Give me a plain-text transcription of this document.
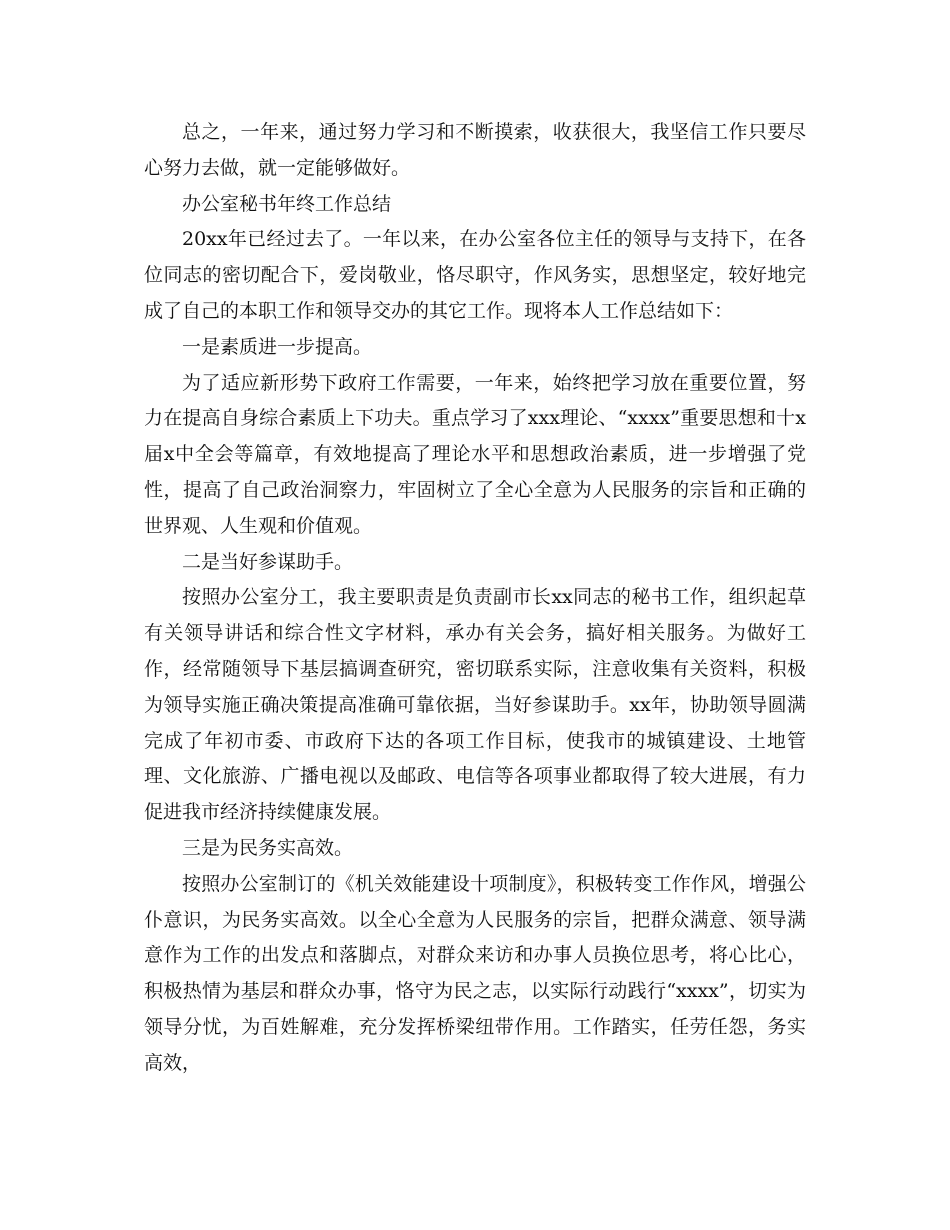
总之，一年来，通过努力学习和不断摸索，收获很大，我坚信工作只要尽心努力去做，就一定能够做好。

办公室秘书年终工作总结

20xx年已经过去了。一年以来，在办公室各位主任的领导与支持下，在各位同志的密切配合下，爱岗敬业，恪尽职守，作风务实，思想坚定，较好地完成了自己的本职工作和领导交办的其它工作。现将本人工作总结如下：

一是素质进一步提高。

为了适应新形势下政府工作需要，一年来，始终把学习放在重要位置，努力在提高自身综合素质上下功夫。重点学习了xxx理论、“xxxx”重要思想和十x届x中全会等篇章，有效地提高了理论水平和思想政治素质，进一步增强了党性，提高了自己政治洞察力，牢固树立了全心全意为人民服务的宗旨和正确的世界观、人生观和价值观。

二是当好参谋助手。

按照办公室分工，我主要职责是负责副市长xx同志的秘书工作，组织起草有关领导讲话和综合性文字材料，承办有关会务，搞好相关服务。为做好工作，经常随领导下基层搞调查研究，密切联系实际，注意收集有关资料，积极为领导实施正确决策提高准确可靠依据，当好参谋助手。xx年，协助领导圆满完成了年初市委、市政府下达的各项工作目标，使我市的城镇建设、土地管理、文化旅游、广播电视以及邮政、电信等各项事业都取得了较大进展，有力促进我市经济持续健康发展。

三是为民务实高效。

按照办公室制订的《机关效能建设十项制度》，积极转变工作作风，增强公仆意识，为民务实高效。以全心全意为人民服务的宗旨，把群众满意、领导满意作为工作的出发点和落脚点，对群众来访和办事人员换位思考，将心比心，积极热情为基层和群众办事，恪守为民之志，以实际行动践行“xxxx”，切实为领导分忧，为百姓解难，充分发挥桥梁纽带作用。工作踏实，任劳任怨，务实高效，
